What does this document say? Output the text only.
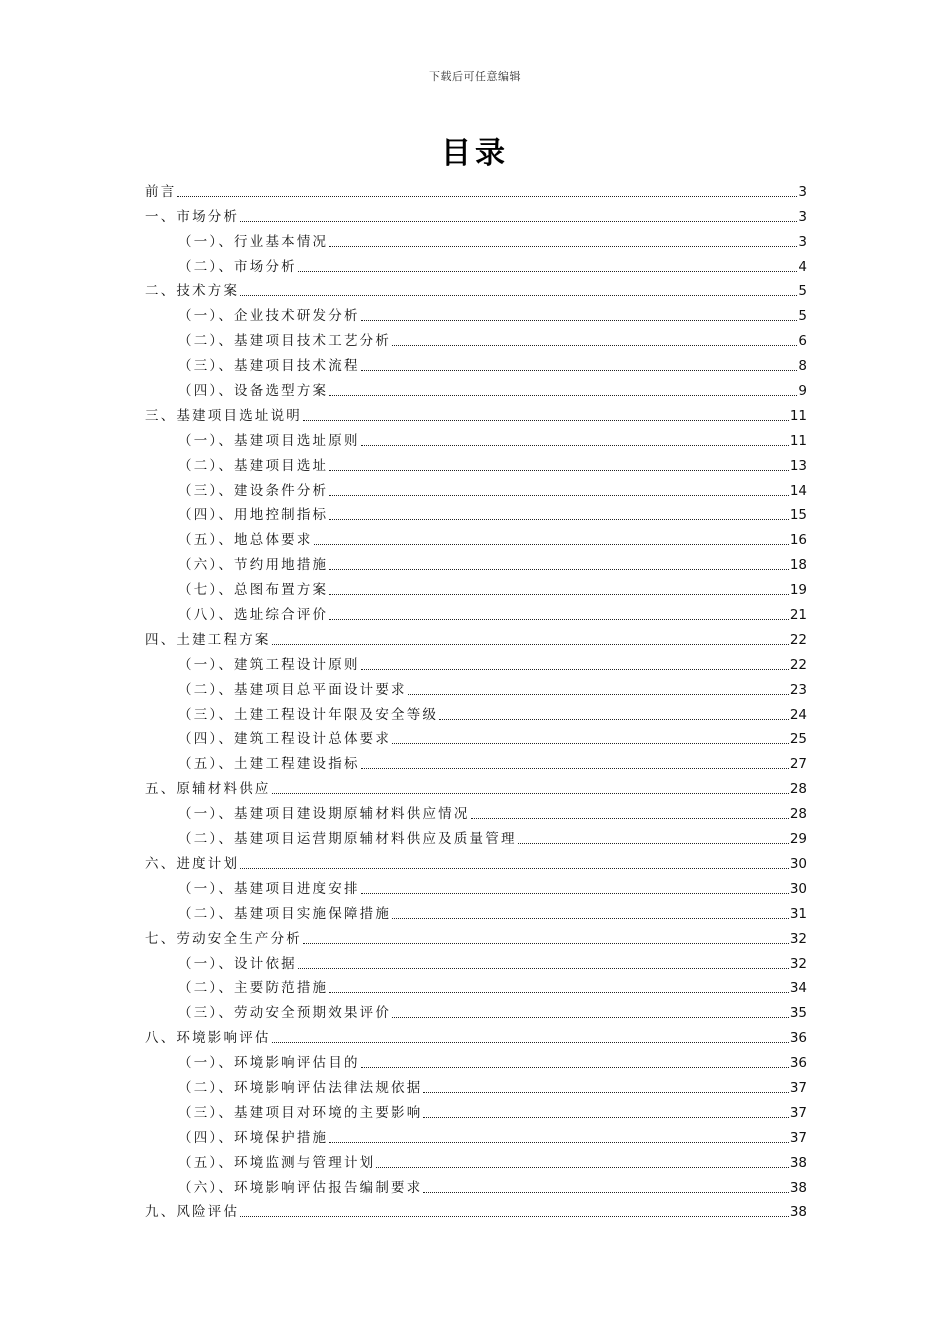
下载后可任意编辑
目录
前言	3
一、市场分析	3
（一）、行业基本情况	3
（二）、市场分析	4
二、技术方案	5
（一）、企业技术研发分析	5
（二）、基建项目技术工艺分析	6
（三）、基建项目技术流程	8
（四）、设备选型方案	9
三、基建项目选址说明	11
（一）、基建项目选址原则	11
（二）、基建项目选址	13
（三）、建设条件分析	14
（四）、用地控制指标	15
（五）、地总体要求	16
（六）、节约用地措施	18
（七）、总图布置方案	19
（八）、选址综合评价	21
四、土建工程方案	22
（一）、建筑工程设计原则	22
（二）、基建项目总平面设计要求	23
（三）、土建工程设计年限及安全等级	24
（四）、建筑工程设计总体要求	25
（五）、土建工程建设指标	27
五、原辅材料供应	28
（一）、基建项目建设期原辅材料供应情况	28
（二）、基建项目运营期原辅材料供应及质量管理	29
六、进度计划	30
（一）、基建项目进度安排	30
（二）、基建项目实施保障措施	31
七、劳动安全生产分析	32
（一）、设计依据	32
（二）、主要防范措施	34
（三）、劳动安全预期效果评价	35
八、环境影响评估	36
（一）、环境影响评估目的	36
（二）、环境影响评估法律法规依据	37
（三）、基建项目对环境的主要影响	37
（四）、环境保护措施	37
（五）、环境监测与管理计划	38
（六）、环境影响评估报告编制要求	38
九、风险评估	38
